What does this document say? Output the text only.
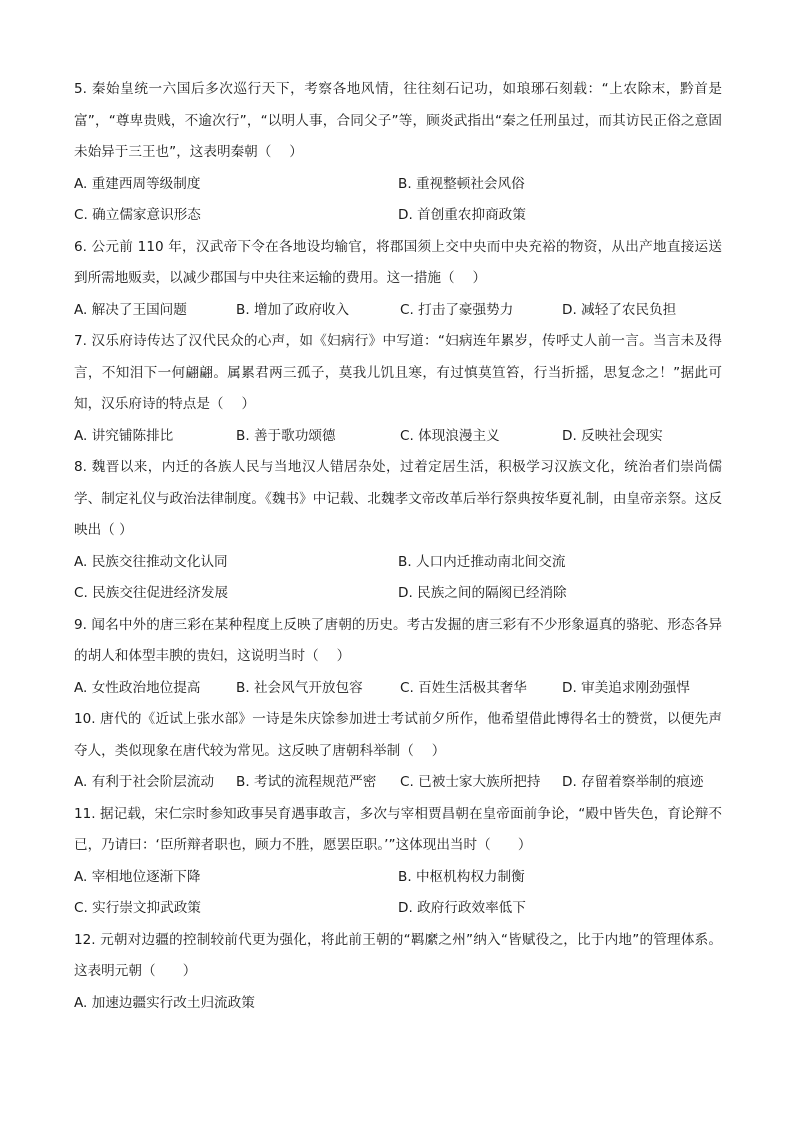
5. 秦始皇统一六国后多次巡行天下，考察各地风情，往往刻石记功，如琅琊石刻载：“上农除末，黔首是富”，“尊卑贵贱，不逾次行”，“以明人事，合同父子”等，顾炎武指出“秦之任刑虽过，而其访民正俗之意固未始异于三王也”，这表明秦朝（　 ）

A. 重建西周等级制度	B. 重视整顿社会风俗
C. 确立儒家意识形态	D. 首创重农抑商政策

6. 公元前 110 年，汉武帝下令在各地设均输官，将郡国须上交中央而中央充裕的物资，从出产地直接运送到所需地贩卖，以减少郡国与中央往来运输的费用。这一措施（　 ）

A. 解决了王国问题	B. 增加了政府收入	C. 打击了豪强势力	D. 减轻了农民负担

7. 汉乐府诗传达了汉代民众的心声，如《妇病行》中写道：“妇病连年累岁，传呼丈人前一言。当言未及得言，不知泪下一何翩翩。属累君两三孤子，莫我儿饥且寒，有过慎莫笪笞，行当折摇，思复念之！”据此可知，汉乐府诗的特点是（　 ）

A. 讲究铺陈排比	B. 善于歌功颂德	C. 体现浪漫主义	D. 反映社会现实

8. 魏晋以来，内迁的各族人民与当地汉人错居杂处，过着定居生活，积极学习汉族文化，统治者们崇尚儒学、制定礼仪与政治法律制度。《魏书》中记载、北魏孝文帝改革后举行祭典按华夏礼制，由皇帝亲祭。这反映出（ ）

A. 民族交往推动文化认同	B. 人口内迁推动南北间交流
C. 民族交往促进经济发展	D. 民族之间的隔阂已经消除

9. 闻名中外的唐三彩在某种程度上反映了唐朝的历史。考古发掘的唐三彩有不少形象逼真的骆驼、形态各异的胡人和体型丰腴的贵妇，这说明当时（　 ）

A. 女性政治地位提高	B. 社会风气开放包容	C. 百姓生活极其奢华	D. 审美追求刚劲强悍

10. 唐代的《近试上张水部》一诗是朱庆馀参加进士考试前夕所作，他希望借此博得名士的赞赏，以便先声夺人，类似现象在唐代较为常见。这反映了唐朝科举制（　 ）

A. 有利于社会阶层流动	B. 考试的流程规范严密	C. 已被士家大族所把持	D. 存留着察举制的痕迹

11. 据记载，宋仁宗时参知政事吴育遇事敢言，多次与宰相贾昌朝在皇帝面前争论，“殿中皆失色，育论辩不已，乃请曰：‘臣所辩者职也，顾力不胜，愿罢臣职。’”这体现出当时（　　）

A. 宰相地位逐渐下降	B. 中枢机构权力制衡
C. 实行崇文抑武政策	D. 政府行政效率低下

12. 元朝对边疆的控制较前代更为强化，将此前王朝的“羁縻之州”纳入“皆赋役之，比于内地”的管理体系。这表明元朝（　　）

A. 加速边疆实行改土归流政策
